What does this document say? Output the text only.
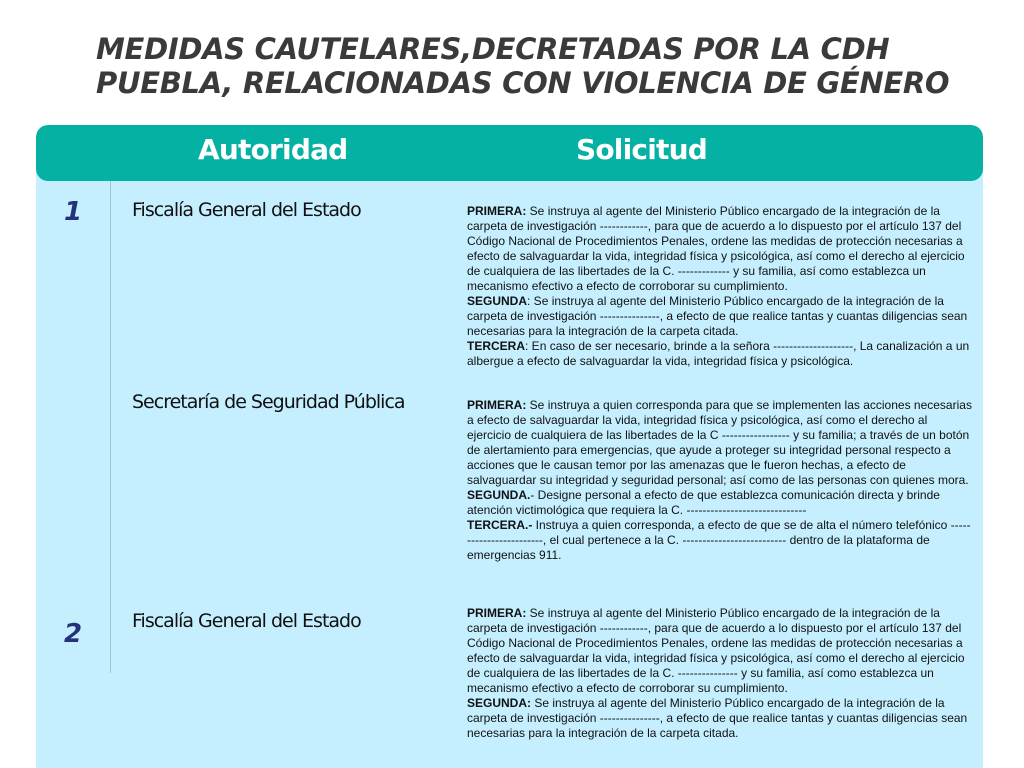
MEDIDAS CAUTELARES,DECRETADAS POR LA CDH
PUEBLA, RELACIONADAS CON VIOLENCIA DE GÉNERO
Autoridad	Solicitud
1	Fiscalía General del Estado	PRIMERA: Se instruya al agente del Ministerio Público encargado de la integración de la carpeta de investigación ------------, para que de acuerdo a lo dispuesto por el artículo 137 del Código Nacional de Procedimientos Penales, ordene las medidas de protección necesarias a efecto de salvaguardar la vida, integridad física y psicológica, así como el derecho al ejercicio de cualquiera de las libertades de la C. ------------- y su familia, así como establezca un mecanismo efectivo a efecto de corroborar su cumplimiento.

SEGUNDA: Se instruya al agente del Ministerio Público encargado de la integración de la carpeta de investigación ---------------, a efecto de que realice tantas y cuantas diligencias sean necesarias para la integración de la carpeta citada.

TERCERA: En caso de ser necesario, brinde a la señora --------------------, La canalización a un albergue a efecto de salvaguardar la vida, integridad física y psicológica.

Secretaría de Seguridad Pública	PRIMERA: Se instruya a quien corresponda para que se implementen las acciones necesarias a efecto de salvaguardar la vida, integridad física y psicológica, así como el derecho al ejercicio de cualquiera de las libertades de la C ----------------- y su familia; a través de un botón de alertamiento para emergencias, que ayude a proteger su integridad personal respecto a acciones que le causan temor por las amenazas que le fueron hechas, a efecto de salvaguardar su integridad y seguridad personal; así como de las personas con quienes mora.

SEGUNDA.- Designe personal a efecto de que establezca comunicación directa y brinde atención victimológica que requiera la C. ------------------------------

TERCERA.- Instruya a quien corresponda, a efecto de que se de alta el número telefónico ------------------------, el cual pertenece a la C. -------------------------- dentro de la plataforma de emergencias 911.

2	Fiscalía General del Estado	PRIMERA: Se instruya al agente del Ministerio Público encargado de la integración de la carpeta de investigación ------------, para que de acuerdo a lo dispuesto por el artículo 137 del Código Nacional de Procedimientos Penales, ordene las medidas de protección necesarias a efecto de salvaguardar la vida, integridad física y psicológica, así como el derecho al ejercicio de cualquiera de las libertades de la C. --------------- y su familia, así como establezca un mecanismo efectivo a efecto de corroborar su cumplimiento.

SEGUNDA: Se instruya al agente del Ministerio Público encargado de la integración de la carpeta de investigación ---------------, a efecto de que realice tantas y cuantas diligencias sean necesarias para la integración de la carpeta citada.
